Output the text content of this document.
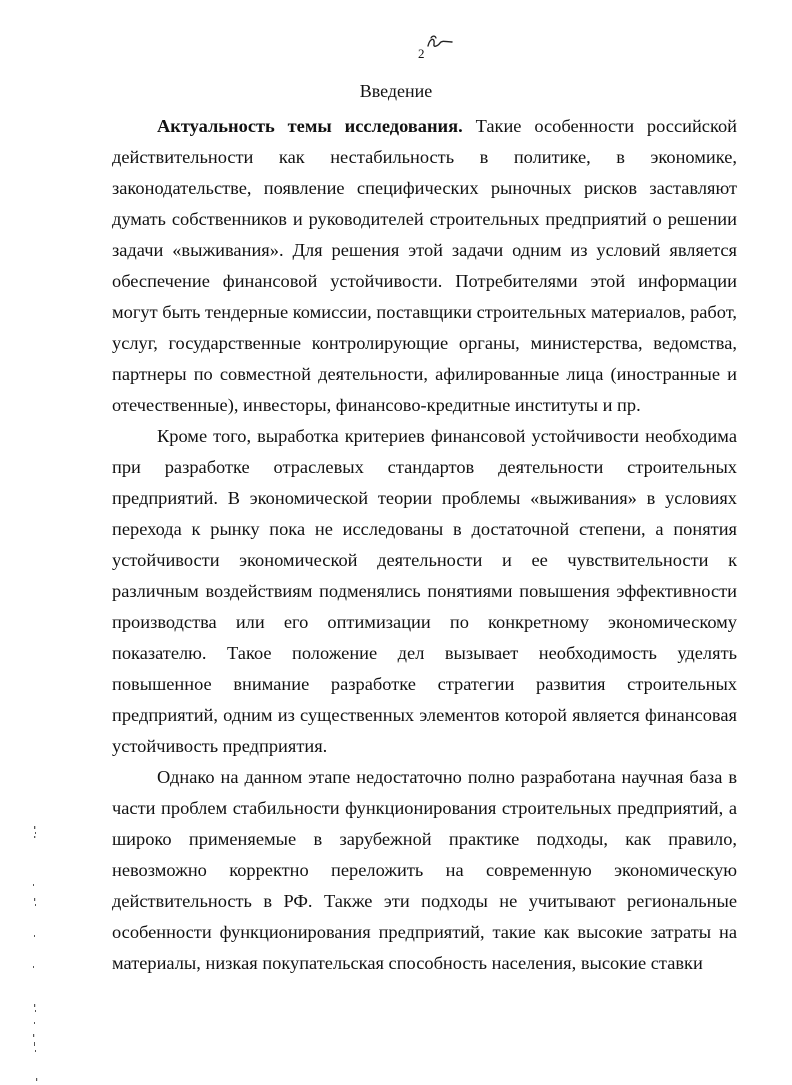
2
Введение

Актуальность темы исследования. Такие особенности российской действительности как нестабильность в политике, в экономике, законодательстве, появление специфических рыночных рисков заставляют думать собственников и руководителей строительных предприятий о решении задачи «выживания». Для решения этой задачи одним из условий является обеспечение финансовой устойчивости. Потребителями этой информации могут быть тендерные комиссии, поставщики строительных материалов, работ, услуг, государственные контролирующие органы, министерства, ведомства, партнеры по совместной деятельности, афилированные лица (иностранные и отечественные), инвесторы, финансово-кредитные институты и пр.

Кроме того, выработка критериев финансовой устойчивости необходима при разработке отраслевых стандартов деятельности строительных предприятий. В экономической теории проблемы «выживания» в условиях перехода к рынку пока не исследованы в достаточной степени, а понятия устойчивости экономической деятельности и ее чувствительности к различным воздействиям подменялись понятиями повышения эффективности производства или его оптимизации по конкретному экономическому показателю. Такое положение дел вызывает необходимость уделять повышенное внимание разработке стратегии развития строительных предприятий, одним из существенных элементов которой является финансовая устойчивость предприятия.

Однако на данном этапе недостаточно полно разработана научная база в части проблем стабильности функционирования строительных предприятий, а широко применяемые в зарубежной практике подходы, как правило, невозможно корректно переложить на современную экономическую действительность в РФ. Также эти подходы не учитывают региональные особенности функционирования предприятий, такие как высокие затраты на материалы, низкая покупательская способность населения, высокие ставки
